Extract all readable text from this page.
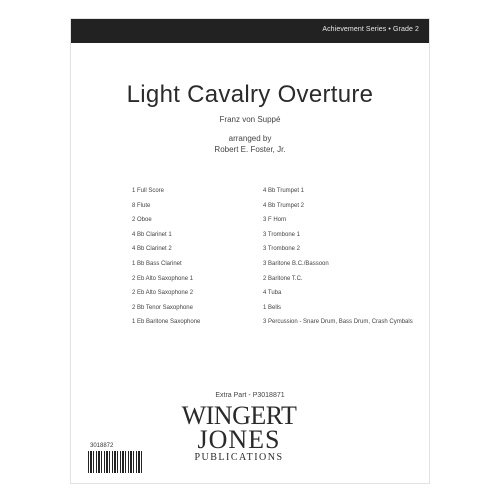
Achievement Series • Grade 2
Light Cavalry Overture
Franz von Suppé
arranged by
Robert E. Foster, Jr.
1 Full Score
8 Flute
2 Oboe
4 Bb Clarinet 1
4 Bb Clarinet 2
1 Bb Bass Clarinet
2 Eb Alto Saxophone 1
2 Eb Alto Saxophone 2
2 Bb Tenor Saxophone
1 Eb Baritone Saxophone
4 Bb Trumpet 1
4 Bb Trumpet 2
3 F Horn
3 Trombone 1
3 Trombone 2
3 Baritone B.C./Bassoon
2 Baritone T.C.
4 Tuba
1 Bells
3 Percussion - Snare Drum, Bass Drum, Crash Cymbals
Extra Part - P3018871
WINGERT
JONES
PUBLICATIONS
3018872
